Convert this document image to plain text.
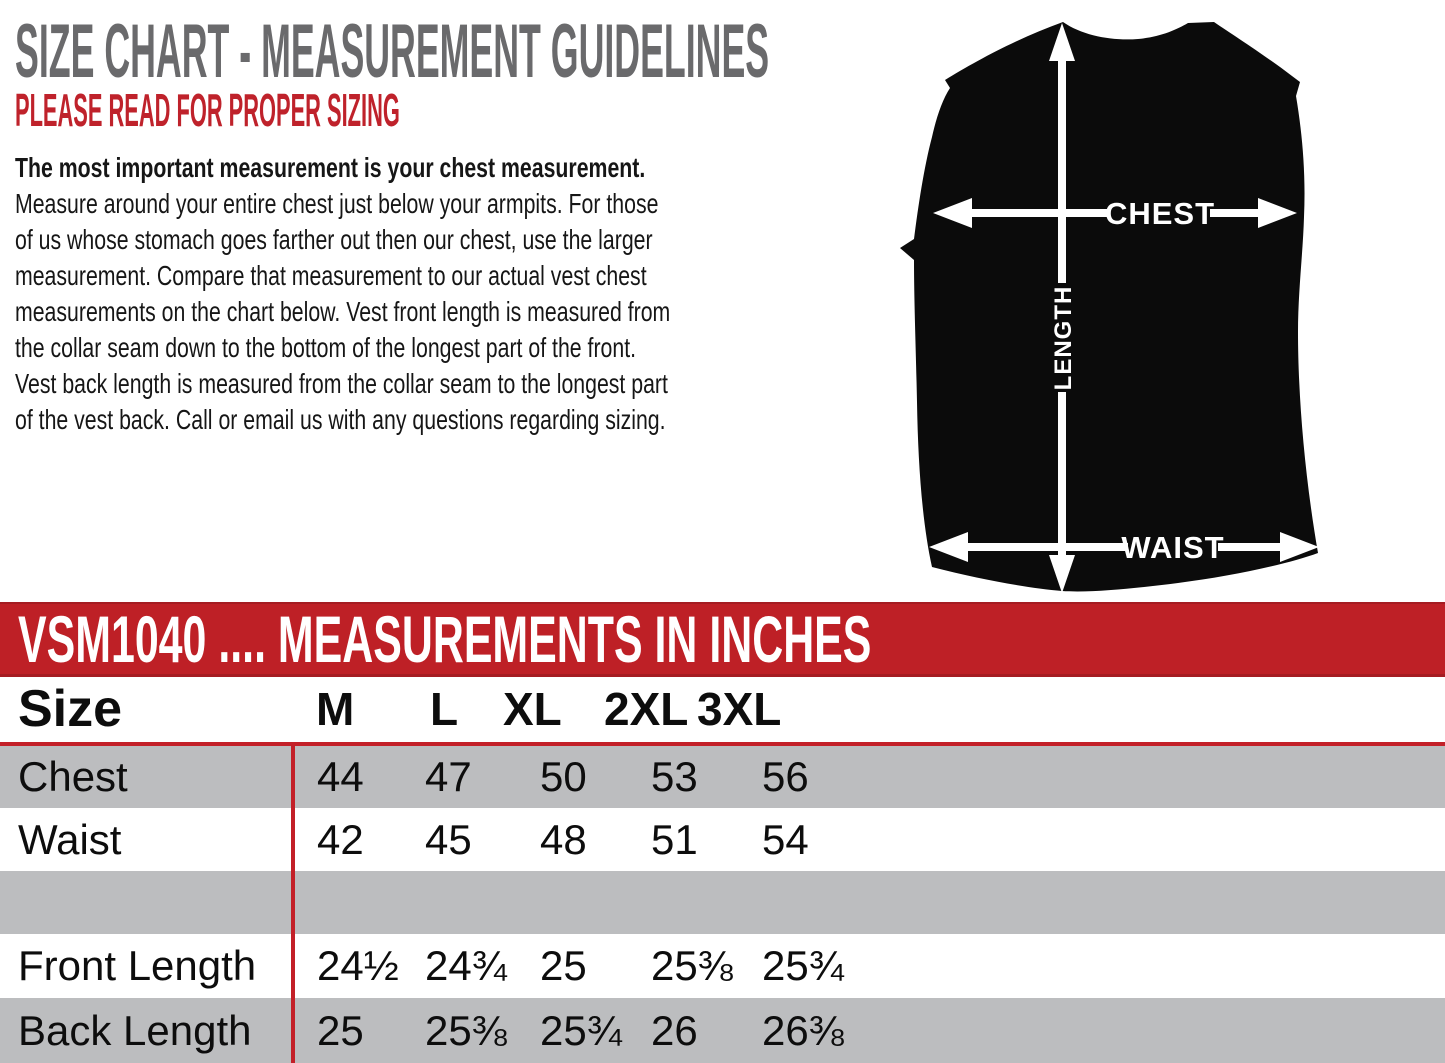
SIZE CHART - MEASUREMENT GUIDELINES
PLEASE READ FOR PROPER SIZING
The most important measurement is your chest measurement.
Measure around your entire chest just below your armpits. For those
of us whose stomach goes farther out then our chest, use the larger
measurement. Compare that measurement to our actual vest chest
measurements on the chart below. Vest front length is measured from
the collar seam down to the bottom of the longest part of the front.
Vest back length is measured from the collar seam to the longest part
of the vest back. Call or email us with any questions regarding sizing.
CHEST
LENGTH
WAIST
VSM1040 .... MEASUREMENTS IN INCHES
Size	M L XL 2XL 3XL
Chest	44 47 50 53 56
Waist	42 45 48 51 54
Front Length 24½ 24¾ 25 25⅜ 25¾
Back Length 25 25⅜ 25¾ 26 26⅜
